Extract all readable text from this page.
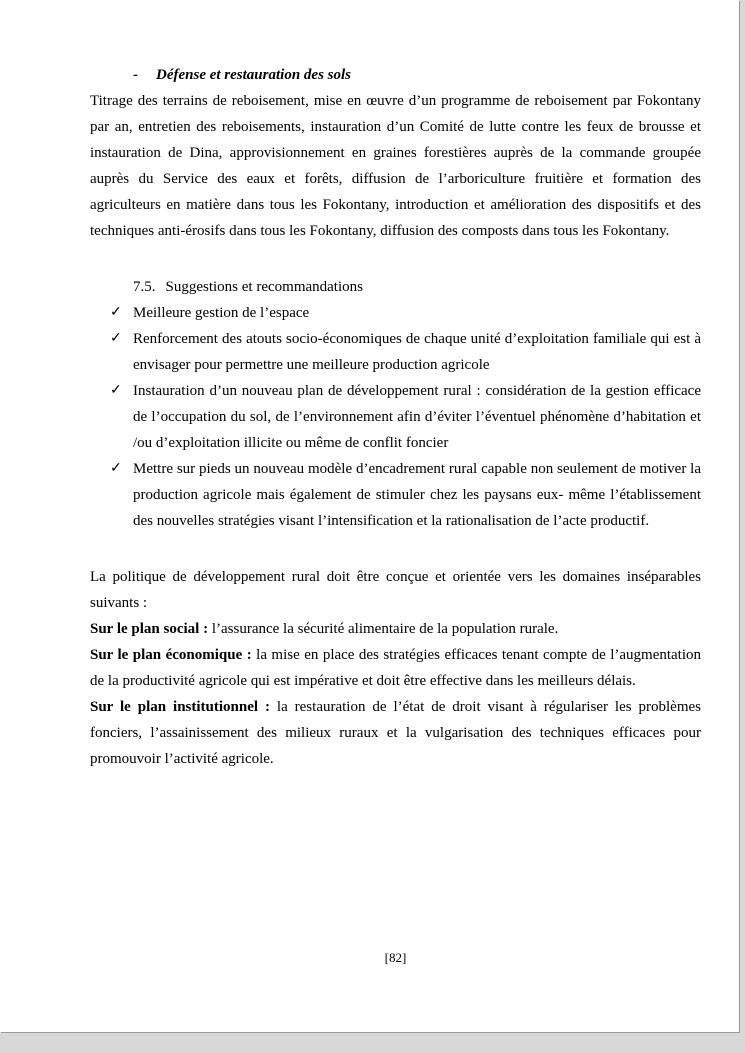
- Défense et restauration des sols

Titrage des terrains de reboisement, mise en œuvre d’un programme de reboisement par Fokontany par an, entretien des reboisements, instauration d’un Comité de lutte contre les feux de brousse et instauration de Dina, approvisionnement en graines forestières auprès de la commande groupée auprès du Service des eaux et forêts, diffusion de l’arboriculture fruitière et formation des agriculteurs en matière dans tous les Fokontany, introduction et amélioration des dispositifs et des techniques anti-érosifs dans tous les Fokontany, diffusion des composts dans tous les Fokontany.

7.5. Suggestions et recommandations
✓ Meilleure gestion de l’espace
✓ Renforcement des atouts socio-économiques de chaque unité d’exploitation familiale qui est à envisager pour permettre une meilleure production agricole
✓ Instauration d’un nouveau plan de développement rural : considération de la gestion efficace de l’occupation du sol, de l’environnement afin d’éviter l’éventuel phénomène d’habitation et /ou d’exploitation illicite ou même de conflit foncier
✓ Mettre sur pieds un nouveau modèle d’encadrement rural capable non seulement de motiver la production agricole mais également de stimuler chez les paysans eux- même l’établissement des nouvelles stratégies visant l’intensification et la rationalisation de l’acte productif.

La politique de développement rural doit être conçue et orientée vers les domaines inséparables suivants :

Sur le plan social : l’assurance la sécurité alimentaire de la population rurale.

Sur le plan économique : la mise en place des stratégies efficaces tenant compte de l’augmentation de la productivité agricole qui est impérative et doit être effective dans les meilleurs délais.

Sur le plan institutionnel : la restauration de l’état de droit visant à régulariser les problèmes fonciers, l’assainissement des milieux ruraux et la vulgarisation des techniques efficaces pour promouvoir l’activité agricole.

[82]
